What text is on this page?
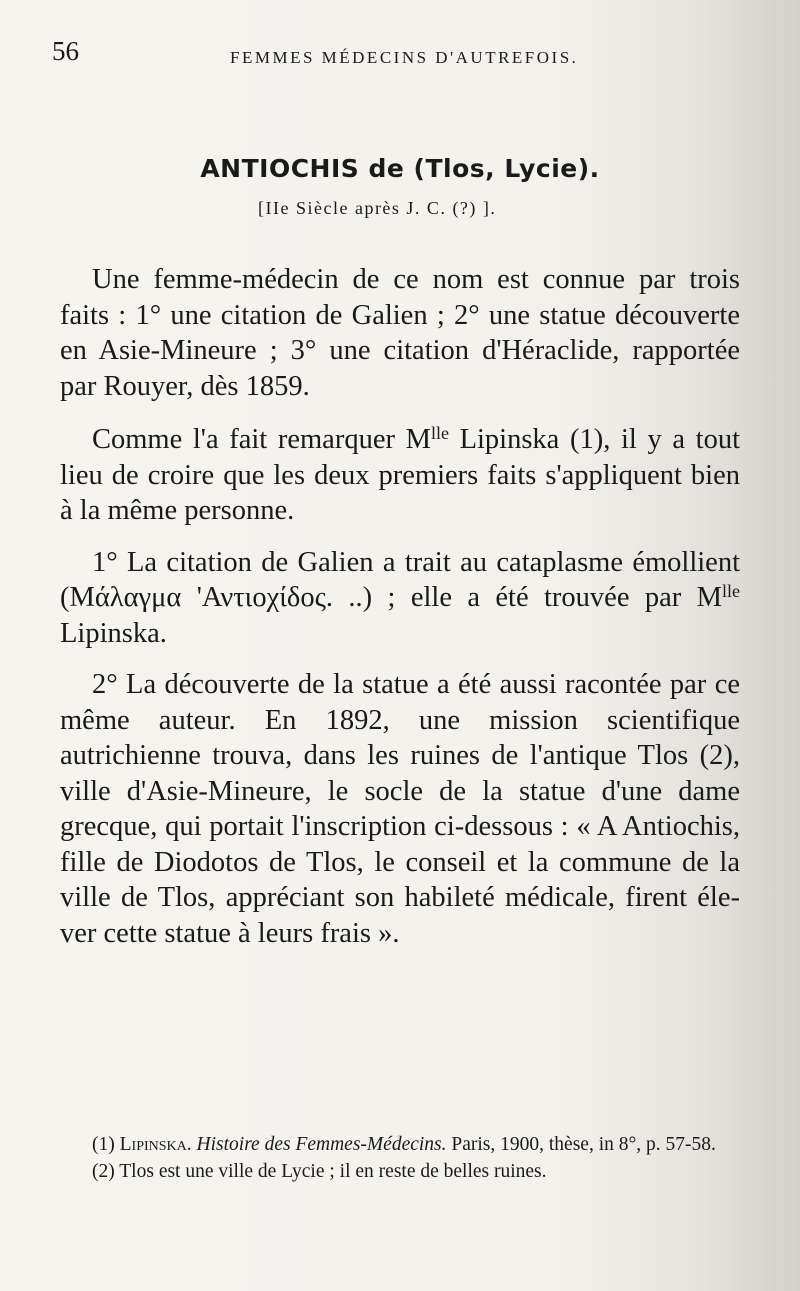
56	FEMMES MÉDECINS D'AUTREFOIS.
ANTIOCHIS de (Tlos, Lycie).
[IIe Siècle après J. C. (?) ].

Une femme-médecin de ce nom est connue par trois faits : 1° une citation de Galien ; 2° une statue découverte en Asie-Mineure ; 3° une citation d'Héraclide, rapportée par Rouyer, dès 1859.

Comme l'a fait remarquer $M^{lle}$ Lipinska (1), il y a tout lieu de croire que les deux premiers faits s'appliquent bien à la même personne.

1° La citation de Galien a trait au cataplasme émollient (Μάλαγμα 'Αντιοχίδος. ..) ; elle a été trouvée par $M^{lle}$ Lipinska.

2° La découverte de la statue a été aussi racontée par ce même auteur. En 1892, une mission scientifique autrichienne trouva, dans les ruines de l'antique Tlos (2), ville d'Asie-Mineure, le socle de la statue d'une dame grecque, qui portait l'inscription ci-dessous : « A Antiochis, fille de Diodotos de Tlos, le conseil et la commune de la ville de Tlos, appréciant son habileté médicale, firent élever cette statue à leurs frais ».

(1) Lipinska. Histoire des Femmes-Médecins. Paris, 1900, thèse, in 8°, p. 57-58.

(2) Tlos est une ville de Lycie ; il en reste de belles ruines.
